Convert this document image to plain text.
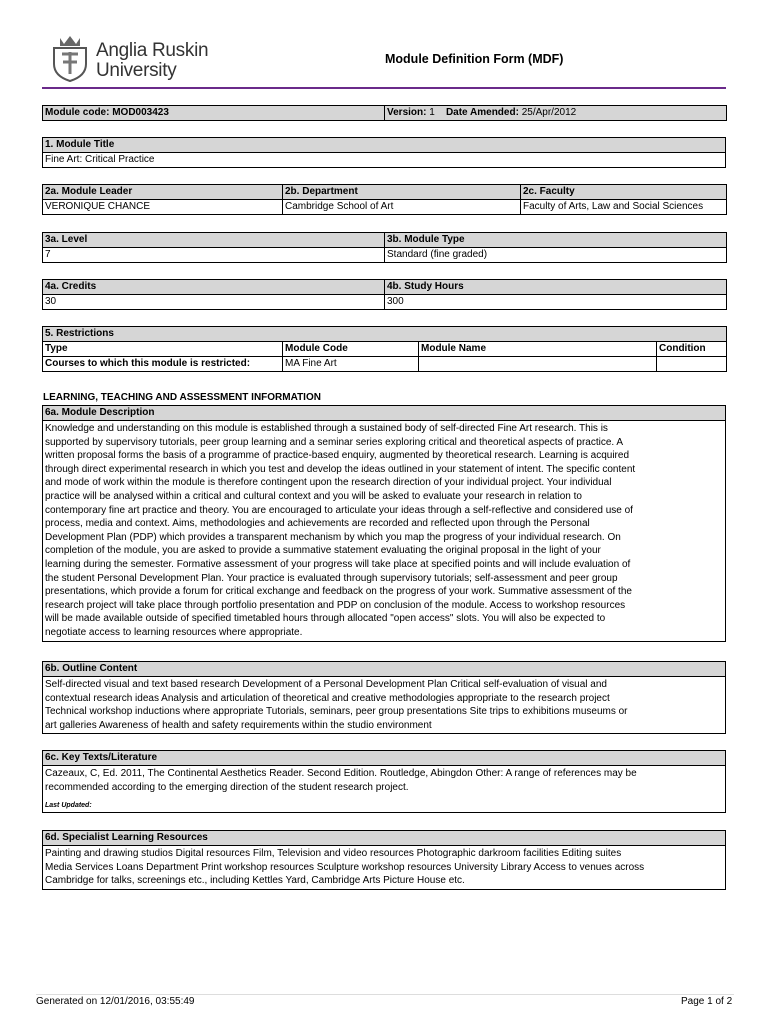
Anglia Ruskin
University
Module Definition Form (MDF)
Module code: MOD003423	Version: 1 Date Amended: 25/Apr/2012
1. Module Title
Fine Art: Critical Practice
2a. Module Leader	2b. Department	2c. Faculty
VERONIQUE CHANCE	Cambridge School of Art	Faculty of Arts, Law and Social Sciences
3a. Level	3b. Module Type
7	Standard (fine graded)
4a. Credits	4b. Study Hours
30	300
5. Restrictions			
Type	Module Code	Module Name	Condition
Courses to which this module is restricted:	MA Fine Art		
LEARNING, TEACHING AND ASSESSMENT INFORMATION
6a. Module Description

Knowledge and understanding on this module is established through a sustained body of self-directed Fine Art research. This is
supported by supervisory tutorials, peer group learning and a seminar series exploring critical and theoretical aspects of practice. A
written proposal forms the basis of a programme of practice-based enquiry, augmented by theoretical research. Learning is acquired
through direct experimental research in which you test and develop the ideas outlined in your statement of intent. The specific content
and mode of work within the module is therefore contingent upon the research direction of your individual project. Your individual
practice will be analysed within a critical and cultural context and you will be asked to evaluate your research in relation to
contemporary fine art practice and theory. You are encouraged to articulate your ideas through a self-reflective and considered use of
process, media and context. Aims, methodologies and achievements are recorded and reflected upon through the Personal
Development Plan (PDP) which provides a transparent mechanism by which you map the progress of your individual research. On
completion of the module, you are asked to provide a summative statement evaluating the original proposal in the light of your
learning during the semester. Formative assessment of your progress will take place at specified points and will include evaluation of
the student Personal Development Plan. Your practice is evaluated through supervisory tutorials; self-assessment and peer group
presentations, which provide a forum for critical exchange and feedback on the progress of your work. Summative assessment of the
research project will take place through portfolio presentation and PDP on conclusion of the module. Access to workshop resources
will be made available outside of specified timetabled hours through allocated "open access" slots. You will also be expected to
negotiate access to learning resources where appropriate.
6b. Outline Content

Self-directed visual and text based research Development of a Personal Development Plan Critical self-evaluation of visual and
contextual research ideas Analysis and articulation of theoretical and creative methodologies appropriate to the research project
Technical workshop inductions where appropriate Tutorials, seminars, peer group presentations Site trips to exhibitions museums or
art galleries Awareness of health and safety requirements within the studio environment
6c. Key Texts/Literature

Cazeaux, C, Ed. 2011, The Continental Aesthetics Reader. Second Edition. Routledge, Abingdon Other: A range of references may be
recommended according to the emerging direction of the student research project.
Last Updated:
6d. Specialist Learning Resources

Painting and drawing studios Digital resources Film, Television and video resources Photographic darkroom facilities Editing suites
Media Services Loans Department Print workshop resources Sculpture workshop resources University Library Access to venues across
Cambridge for talks, screenings etc., including Kettles Yard, Cambridge Arts Picture House etc.
Generated on 12/01/2016, 03:55:49	Page 1 of 2
